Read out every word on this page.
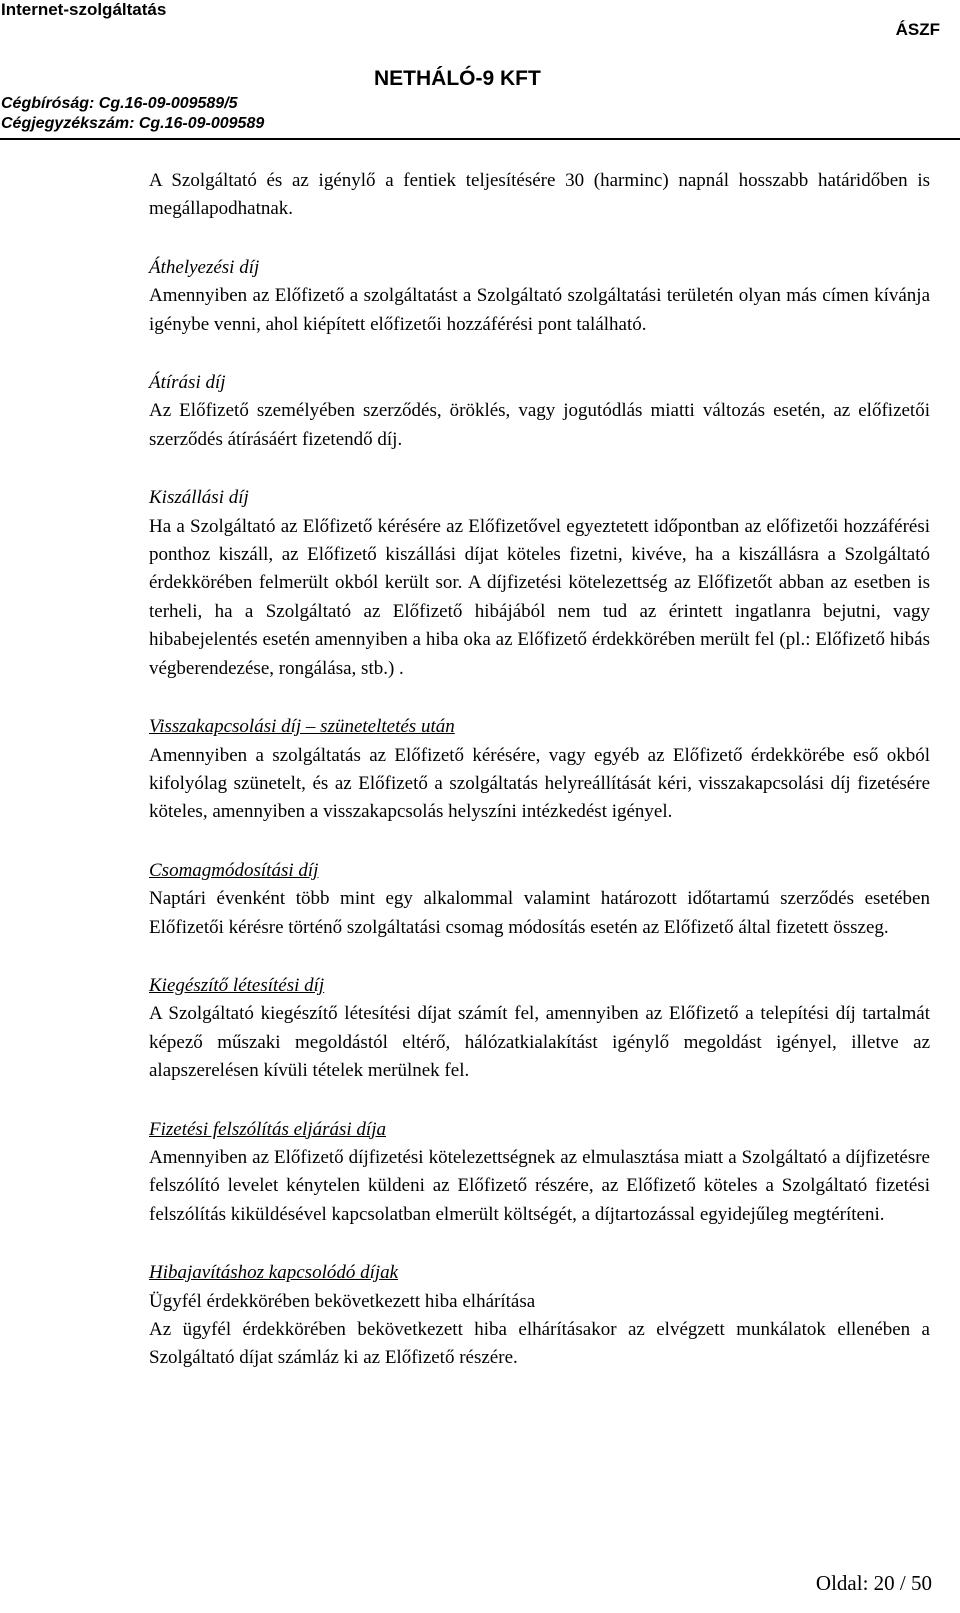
Internet-szolgáltatás
ÁSZF
NETHÁLÓ-9 KFT
Cégbíróság: Cg.16-09-009589/5
Cégjegyzékszám: Cg.16-09-009589
A Szolgáltató és az igénylő a fentiek teljesítésére 30 (harminc) napnál hosszabb határidőben is megállapodhatnak.
Áthelyezési díj
Amennyiben az Előfizető a szolgáltatást a Szolgáltató szolgáltatási területén olyan más címen kívánja igénybe venni, ahol kiépített előfizetői hozzáférési pont található.
Átírási díj
Az Előfizető személyében szerződés, öröklés, vagy jogutódlás miatti változás esetén, az előfizetői szerződés átírásáért fizetendő díj.
Kiszállási díj
Ha a Szolgáltató az Előfizető kérésére az Előfizetővel egyeztetett időpontban az előfizetői hozzáférési ponthoz kiszáll, az Előfizető kiszállási díjat köteles fizetni, kivéve, ha a kiszállásra a Szolgáltató érdekkörében felmerült okból került sor. A díjfizetési kötelezettség az Előfizetőt abban az esetben is terheli, ha a Szolgáltató az Előfizető hibájából nem tud az érintett ingatlanra bejutni, vagy hibabejelentés esetén amennyiben a hiba oka az Előfizető érdekkörében merült fel (pl.: Előfizető hibás végberendezése, rongálása, stb.) .
Visszakapcsolási díj – szüneteltetés után
Amennyiben a szolgáltatás az Előfizető kérésére, vagy egyéb az Előfizető érdekkörébe eső okból kifolyólag szünetelt, és az Előfizető a szolgáltatás helyreállítását kéri, visszakapcsolási díj fizetésére köteles, amennyiben a visszakapcsolás helyszíni intézkedést igényel.
Csomagmódosítási díj
Naptári évenként több mint egy alkalommal valamint határozott időtartamú szerződés esetében Előfizetői kérésre történő szolgáltatási csomag módosítás esetén az Előfizető által fizetett összeg.
Kiegészítő létesítési díj
A Szolgáltató kiegészítő létesítési díjat számít fel, amennyiben az Előfizető a telepítési díj tartalmát képező műszaki megoldástól eltérő, hálózatkialakítást igénylő megoldást igényel, illetve az alapszerelésen kívüli tételek merülnek fel.
Fizetési felszólítás eljárási díja
Amennyiben az Előfizető díjfizetési kötelezettségnek az elmulasztása miatt a Szolgáltató a díjfizetésre felszólító levelet kénytelen küldeni az Előfizető részére, az Előfizető köteles a Szolgáltató fizetési felszólítás kiküldésével kapcsolatban elmerült költségét, a díjtartozással egyidejűleg megtéríteni.
Hibajavításhoz kapcsolódó díjak
Ügyfél érdekkörében bekövetkezett hiba elhárítása
Az ügyfél érdekkörében bekövetkezett hiba elhárításakor az elvégzett munkálatok ellenében a Szolgáltató díjat számláz ki az Előfizető részére.
Oldal: 20 / 50
